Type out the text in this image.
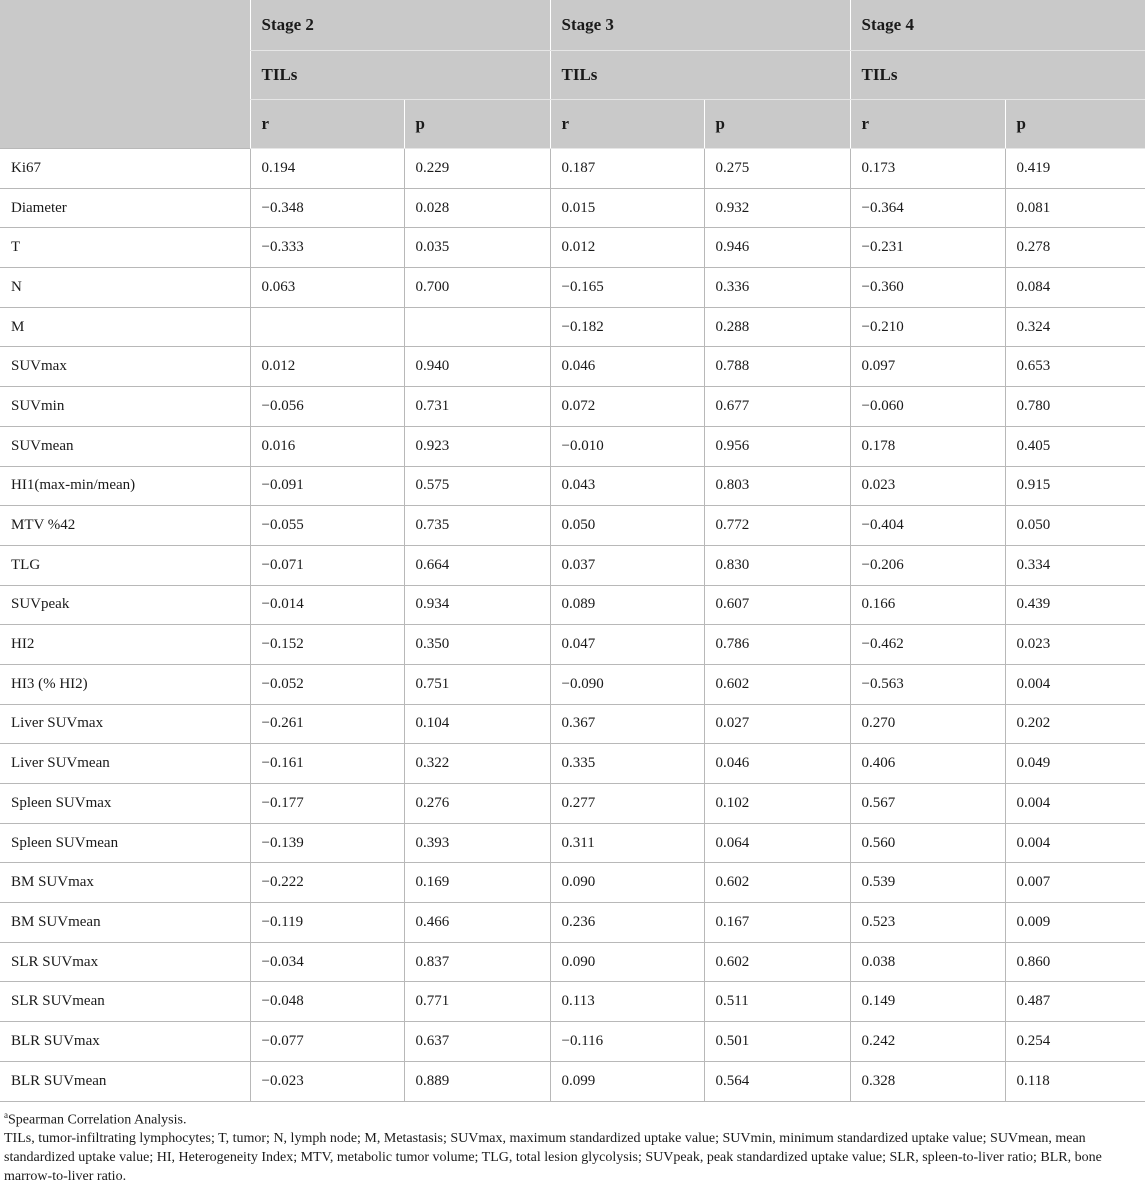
	Stage 2		Stage 3		Stage 4	
	TILs		TILs		TILs	
	r	p	r	p	r	p
Ki67	0.194	0.229	0.187	0.275	0.173	0.419
Diameter	−0.348	0.028	0.015	0.932	−0.364	0.081
T	−0.333	0.035	0.012	0.946	−0.231	0.278
N	0.063	0.700	−0.165	0.336	−0.360	0.084
M			−0.182	0.288	−0.210	0.324
SUVmax	0.012	0.940	0.046	0.788	0.097	0.653
SUVmin	−0.056	0.731	0.072	0.677	−0.060	0.780
SUVmean	0.016	0.923	−0.010	0.956	0.178	0.405
HI1(max-min/mean)	−0.091	0.575	0.043	0.803	0.023	0.915
MTV %42	−0.055	0.735	0.050	0.772	−0.404	0.050
TLG	−0.071	0.664	0.037	0.830	−0.206	0.334
SUVpeak	−0.014	0.934	0.089	0.607	0.166	0.439
HI2	−0.152	0.350	0.047	0.786	−0.462	0.023
HI3 (% HI2)	−0.052	0.751	−0.090	0.602	−0.563	0.004
Liver SUVmax	−0.261	0.104	0.367	0.027	0.270	0.202
Liver SUVmean	−0.161	0.322	0.335	0.046	0.406	0.049
Spleen SUVmax	−0.177	0.276	0.277	0.102	0.567	0.004
Spleen SUVmean	−0.139	0.393	0.311	0.064	0.560	0.004
BM SUVmax	−0.222	0.169	0.090	0.602	0.539	0.007
BM SUVmean	−0.119	0.466	0.236	0.167	0.523	0.009
SLR SUVmax	−0.034	0.837	0.090	0.602	0.038	0.860
SLR SUVmean	−0.048	0.771	0.113	0.511	0.149	0.487
BLR SUVmax	−0.077	0.637	−0.116	0.501	0.242	0.254
BLR SUVmean	−0.023	0.889	0.099	0.564	0.328	0.118

$^a$Spearman Correlation Analysis.

TILs, tumor-infiltrating lymphocytes; T, tumor; N, lymph node; M, Metastasis; SUVmax, maximum standardized uptake value; SUVmin, minimum standardized uptake value; SUVmean, mean standardized uptake value; HI, Heterogeneity Index; MTV, metabolic tumor volume; TLG, total lesion glycolysis; SUVpeak, peak standardized uptake value; SLR, spleen-to-liver ratio; BLR, bone marrow-to-liver ratio.
